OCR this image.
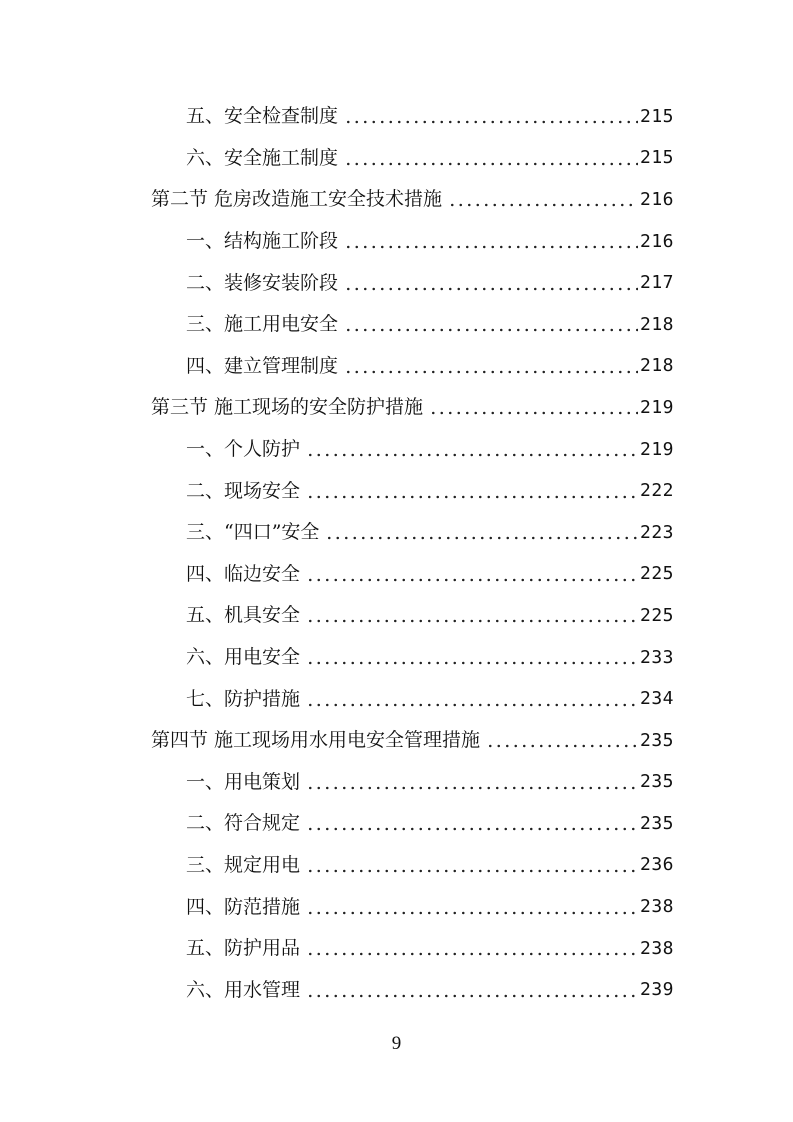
五、安全检查制度	215
六、安全施工制度	215
第二节 危房改造施工安全技术措施	216
一、结构施工阶段	216
二、装修安装阶段	217
三、施工用电安全	218
四、建立管理制度	218
第三节 施工现场的安全防护措施	219
一、个人防护	219
二、现场安全	222
三、“四口”安全	223
四、临边安全	225
五、机具安全	225
六、用电安全	233
七、防护措施	234
第四节 施工现场用水用电安全管理措施	235
一、用电策划	235
二、符合规定	235
三、规定用电	236
四、防范措施	238
五、防护用品	238
六、用水管理	239
9
